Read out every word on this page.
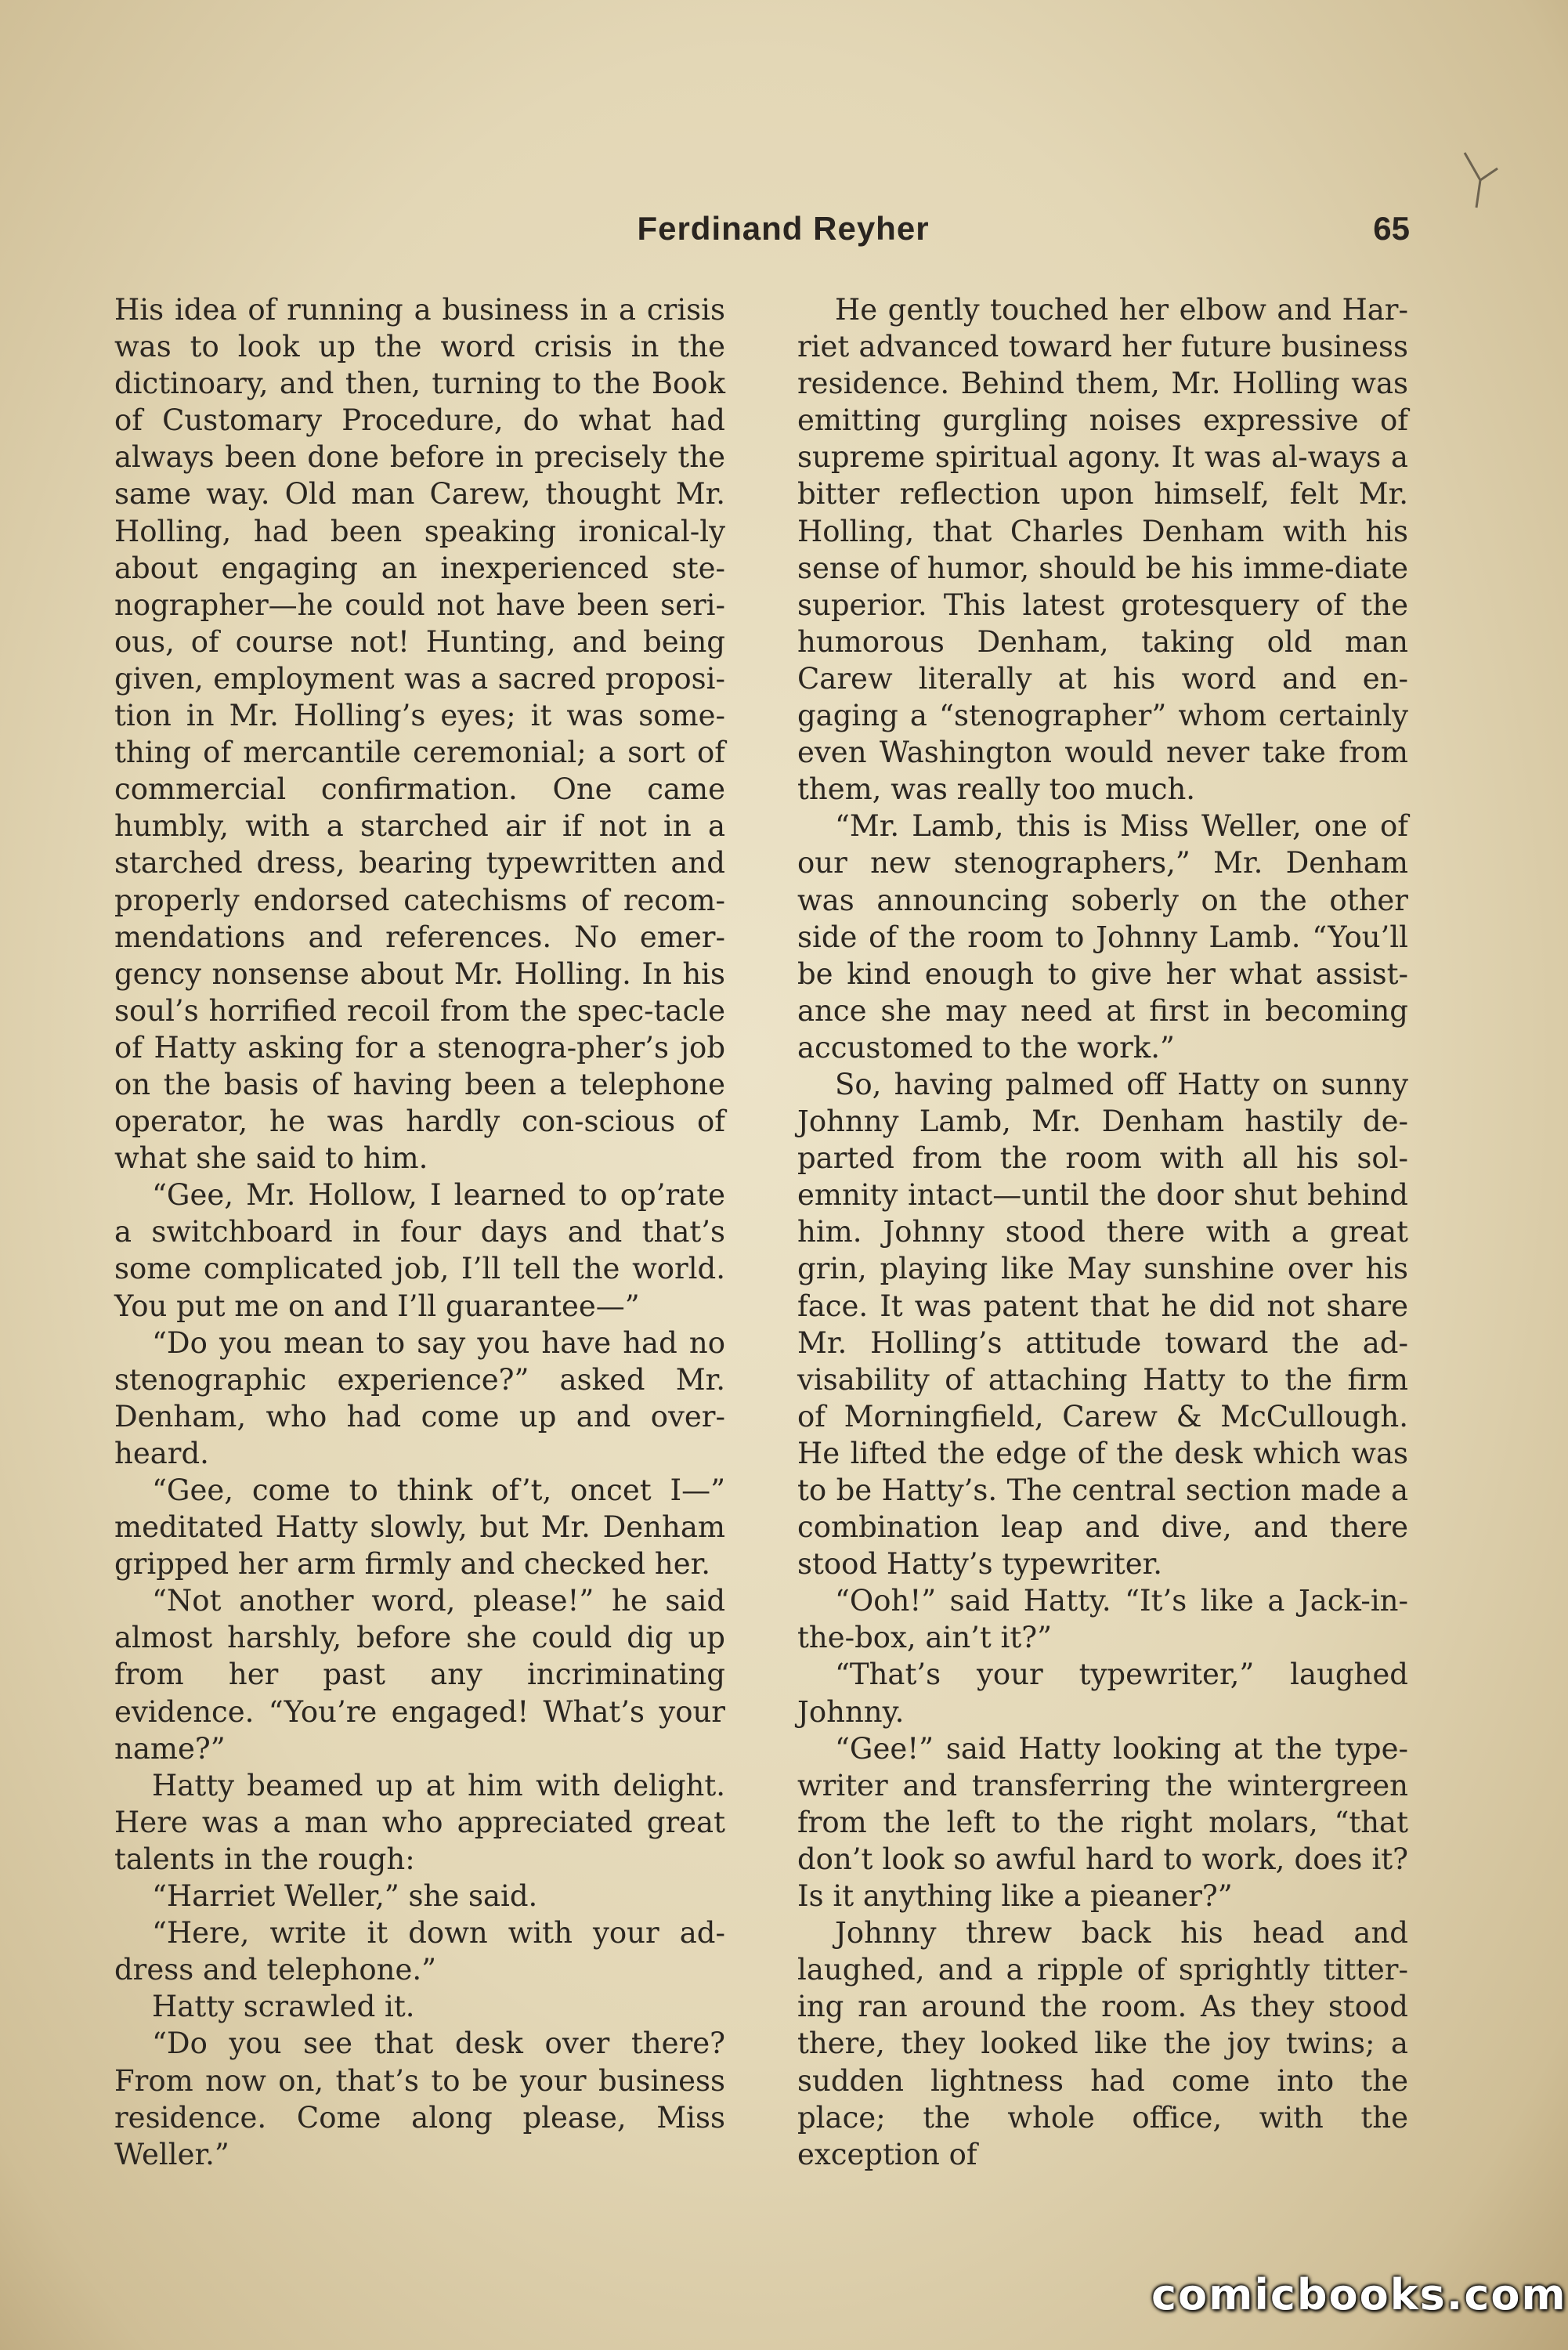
Ferdinand Reyher	65

His idea of running a business in a crisis was to look up the word crisis in the dictinoary, and then, turning to the Book of Customary Procedure, do what had always been done before in precisely the same way. Old man Carew, thought Mr. Holling, had been speaking ironical-ly about engaging an inexperienced ste-nographer—he could not have been seri-ous, of course not! Hunting, and being given, employment was a sacred proposi-tion in Mr. Holling’s eyes; it was some-thing of mercantile ceremonial; a sort of commercial confirmation. One came humbly, with a starched air if not in a starched dress, bearing typewritten and properly endorsed catechisms of recom-mendations and references. No emer-gency nonsense about Mr. Holling. In his soul’s horrified recoil from the spec-tacle of Hatty asking for a stenogra-pher’s job on the basis of having been a telephone operator, he was hardly con-scious of what she said to him.

“Gee, Mr. Hollow, I learned to op’rate a switchboard in four days and that’s some complicated job, I’ll tell the world. You put me on and I’ll guarantee—”

“Do you mean to say you have had no stenographic experience?” asked Mr. Denham, who had come up and over-heard.

“Gee, come to think of’t, oncet I—” meditated Hatty slowly, but Mr. Denham gripped her arm firmly and checked her.

“Not another word, please!” he said almost harshly, before she could dig up from her past any incriminating evidence. “You’re engaged! What’s your name?”

Hatty beamed up at him with delight. Here was a man who appreciated great talents in the rough:

“Harriet Weller,” she said.

“Here, write it down with your ad-dress and telephone.”

Hatty scrawled it.

“Do you see that desk over there? From now on, that’s to be your business residence. Come along please, Miss Weller.”

He gently touched her elbow and Har-riet advanced toward her future business residence. Behind them, Mr. Holling was emitting gurgling noises expressive of supreme spiritual agony. It was al-ways a bitter reflection upon himself, felt Mr. Holling, that Charles Denham with his sense of humor, should be his imme-diate superior. This latest grotesquery of the humorous Denham, taking old man Carew literally at his word and en-gaging a “stenographer” whom certainly even Washington would never take from them, was really too much.

“Mr. Lamb, this is Miss Weller, one of our new stenographers,” Mr. Denham was announcing soberly on the other side of the room to Johnny Lamb. “You’ll be kind enough to give her what assist-ance she may need at first in becoming accustomed to the work.”

So, having palmed off Hatty on sunny Johnny Lamb, Mr. Denham hastily de-parted from the room with all his sol-emnity intact—until the door shut behind him. Johnny stood there with a great grin, playing like May sunshine over his face. It was patent that he did not share Mr. Holling’s attitude toward the ad-visability of attaching Hatty to the firm of Morningfield, Carew & McCullough. He lifted the edge of the desk which was to be Hatty’s. The central section made a combination leap and dive, and there stood Hatty’s typewriter.

“Ooh!” said Hatty. “It’s like a Jack-in-the-box, ain’t it?”

“That’s your typewriter,” laughed Johnny.

“Gee!” said Hatty looking at the type-writer and transferring the wintergreen from the left to the right molars, “that don’t look so awful hard to work, does it? Is it anything like a pieaner?”

Johnny threw back his head and laughed, and a ripple of sprightly titter-ing ran around the room. As they stood there, they looked like the joy twins; a sudden lightness had come into the place; the whole office, with the exception of

comicbooks.com
